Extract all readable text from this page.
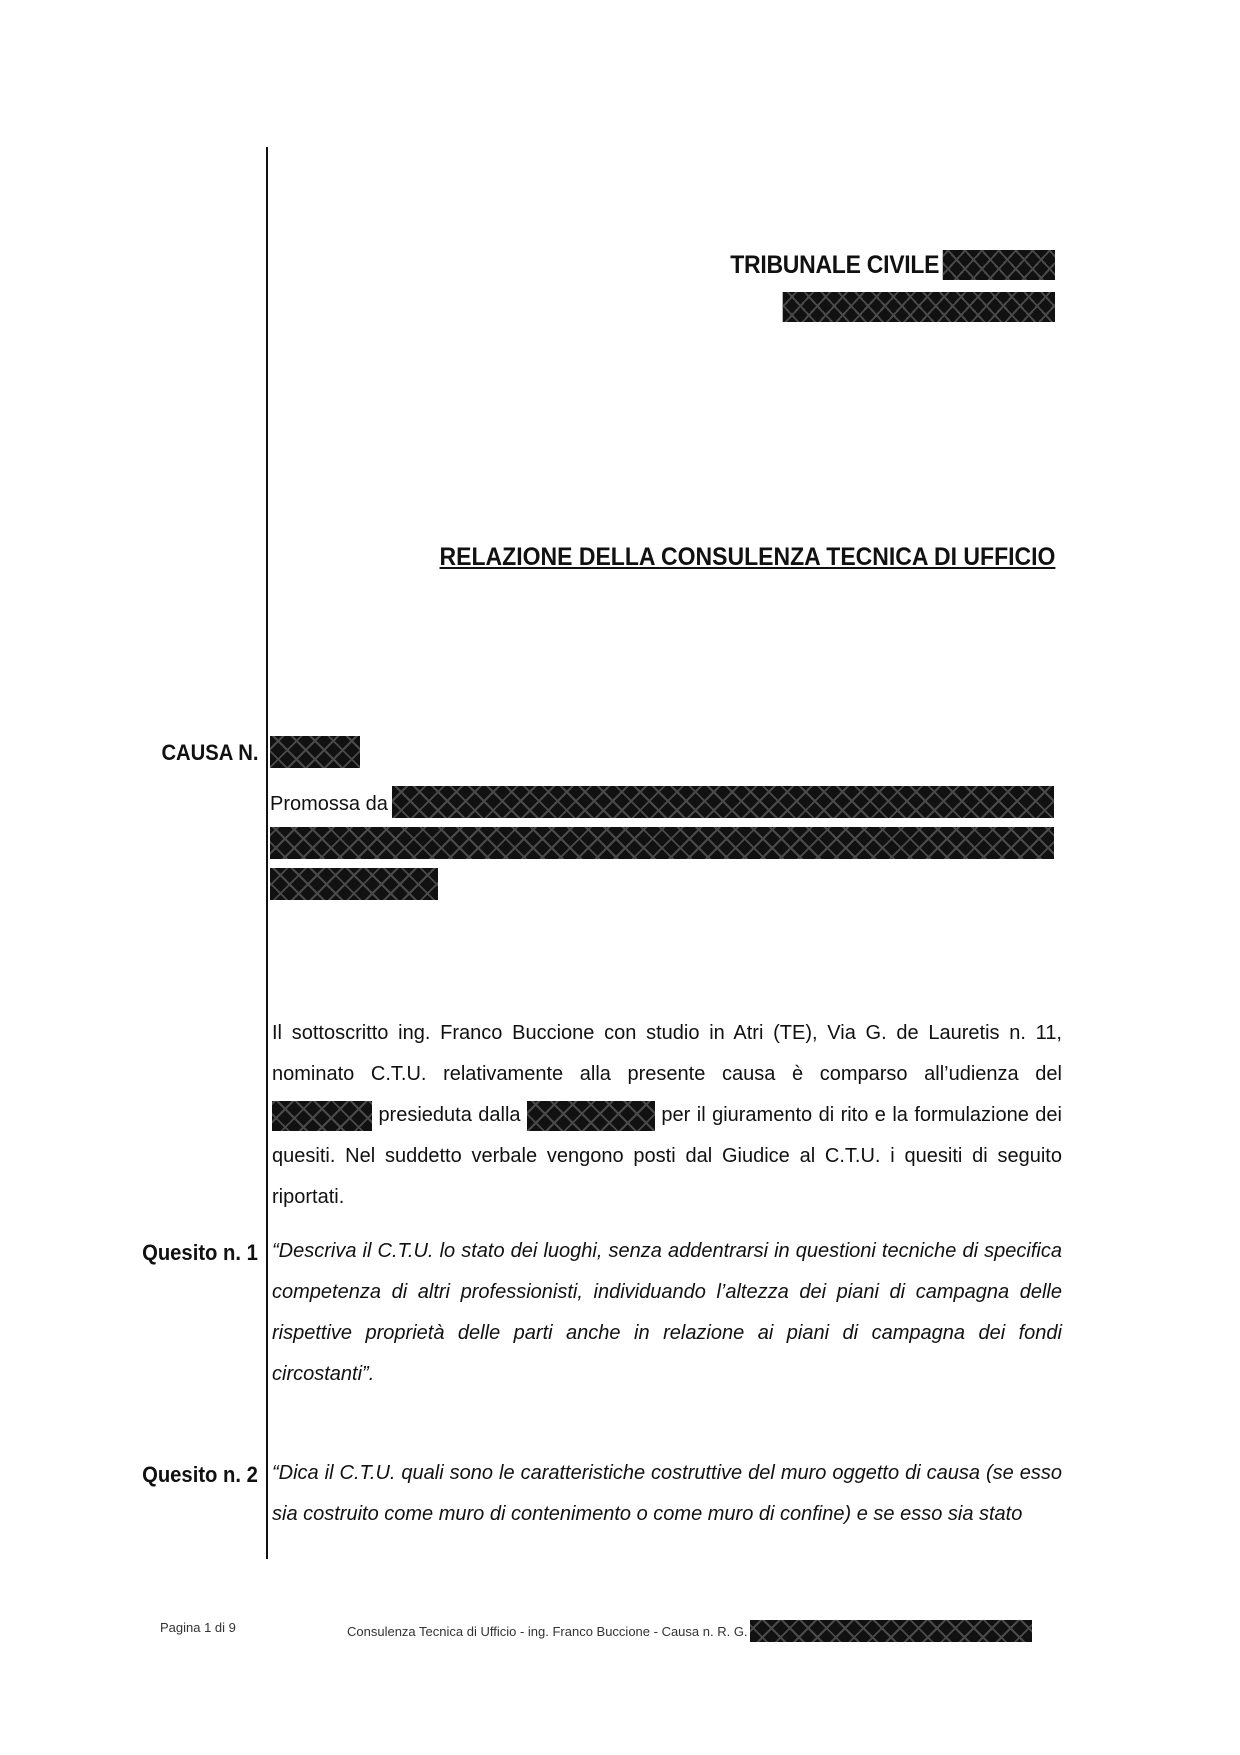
TRIBUNALE CIVILE
RELAZIONE DELLA CONSULENZA TECNICA DI UFFICIO
CAUSA N.
Promossa da
Il sottoscritto ing. Franco Buccione con studio in Atri (TE), Via G. de Lauretis n. 11, nominato C.T.U. relativamente alla presente causa è comparso all’udienza del  presieduta dalla	per il giuramento di rito e la formulazione dei quesiti. Nel suddetto verbale vengono posti dal Giudice al C.T.U. i quesiti di seguito riportati.
Quesito n. 1 “Descriva il C.T.U. lo stato dei luoghi, senza addentrarsi in questioni tecniche di specifica competenza di altri professionisti, individuando l’altezza dei piani di campagna delle rispettive proprietà delle parti anche in relazione ai piani di campagna dei fondi circostanti”.
Quesito n. 2 “Dica il C.T.U. quali sono le caratteristiche costruttive del muro oggetto di causa (se esso sia costruito come muro di contenimento o come muro di confine) e se esso sia stato
Pagina 1 di 9	Consulenza Tecnica di Ufficio - ing. Franco Buccione - Causa n. R. G.
